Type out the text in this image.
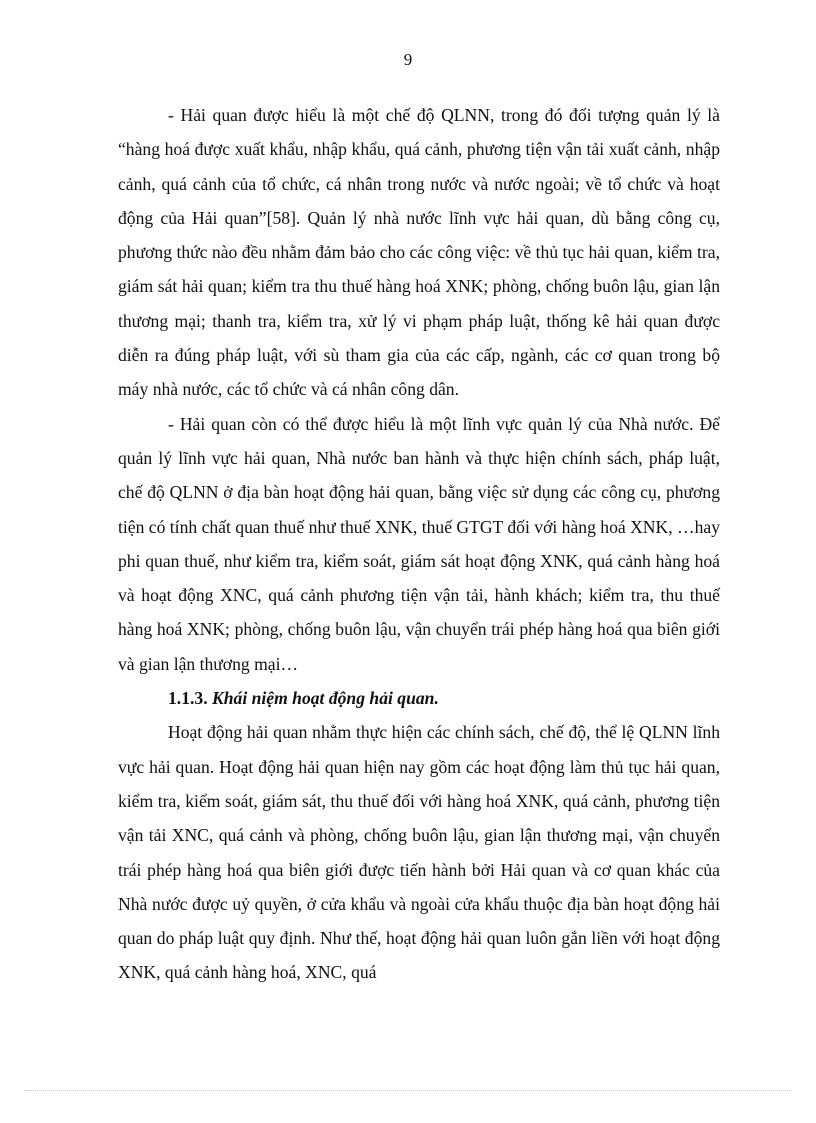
9

- Hải quan được hiểu là một chế độ QLNN, trong đó đối tượng quản lý là “hàng hoá được xuất khẩu, nhập khẩu, quá cảnh, phương tiện vận tải xuất cảnh, nhập cảnh, quá cảnh của tổ chức, cá nhân trong nước và nước ngoài; về tổ chức và hoạt động của Hải quan”[58]. Quản lý nhà nước lĩnh vực hải quan, dù bằng công cụ, phương thức nào đều nhằm đảm bảo cho các công việc: về thủ tục hải quan, kiểm tra, giám sát hải quan; kiểm tra thu thuế hàng hoá XNK; phòng, chống buôn lậu, gian lận thương mại; thanh tra, kiểm tra, xử lý vi phạm pháp luật, thống kê hải quan được diễn ra đúng pháp luật, với sù tham gia của các cấp, ngành, các cơ quan trong bộ máy nhà nước, các tổ chức và cá nhân công dân.

- Hải quan còn có thể được hiểu là một lĩnh vực quản lý của Nhà nước. Để quản lý lĩnh vực hải quan, Nhà nước ban hành và thực hiện chính sách, pháp luật, chế độ QLNN ở địa bàn hoạt động hải quan, bằng việc sử dụng các công cụ, phương tiện có tính chất quan thuế như thuế XNK, thuế GTGT đối với hàng hoá XNK, …hay phi quan thuế, như kiểm tra, kiểm soát, giám sát hoạt động XNK, quá cảnh hàng hoá và hoạt động XNC, quá cảnh phương tiện vận tải, hành khách; kiểm tra, thu thuế hàng hoá XNK; phòng, chống buôn lậu, vận chuyển trái phép hàng hoá qua biên giới và gian lận thương mại…

1.1.3. Khái niệm hoạt động hải quan.

Hoạt động hải quan nhằm thực hiện các chính sách, chế độ, thể lệ QLNN lĩnh vực hải quan. Hoạt động hải quan hiện nay gồm các hoạt động làm thủ tục hải quan, kiểm tra, kiểm soát, giám sát, thu thuế đối với hàng hoá XNK, quá cảnh, phương tiện vận tải XNC, quá cảnh và phòng, chống buôn lậu, gian lận thương mại, vận chuyển trái phép hàng hoá qua biên giới được tiến hành bởi Hải quan và cơ quan khác của Nhà nước được uỷ quyền, ở cửa khẩu và ngoài cửa khẩu thuộc địa bàn hoạt động hải quan do pháp luật quy định. Như thế, hoạt động hải quan luôn gắn liền với hoạt động XNK, quá cảnh hàng hoá, XNC, quá
